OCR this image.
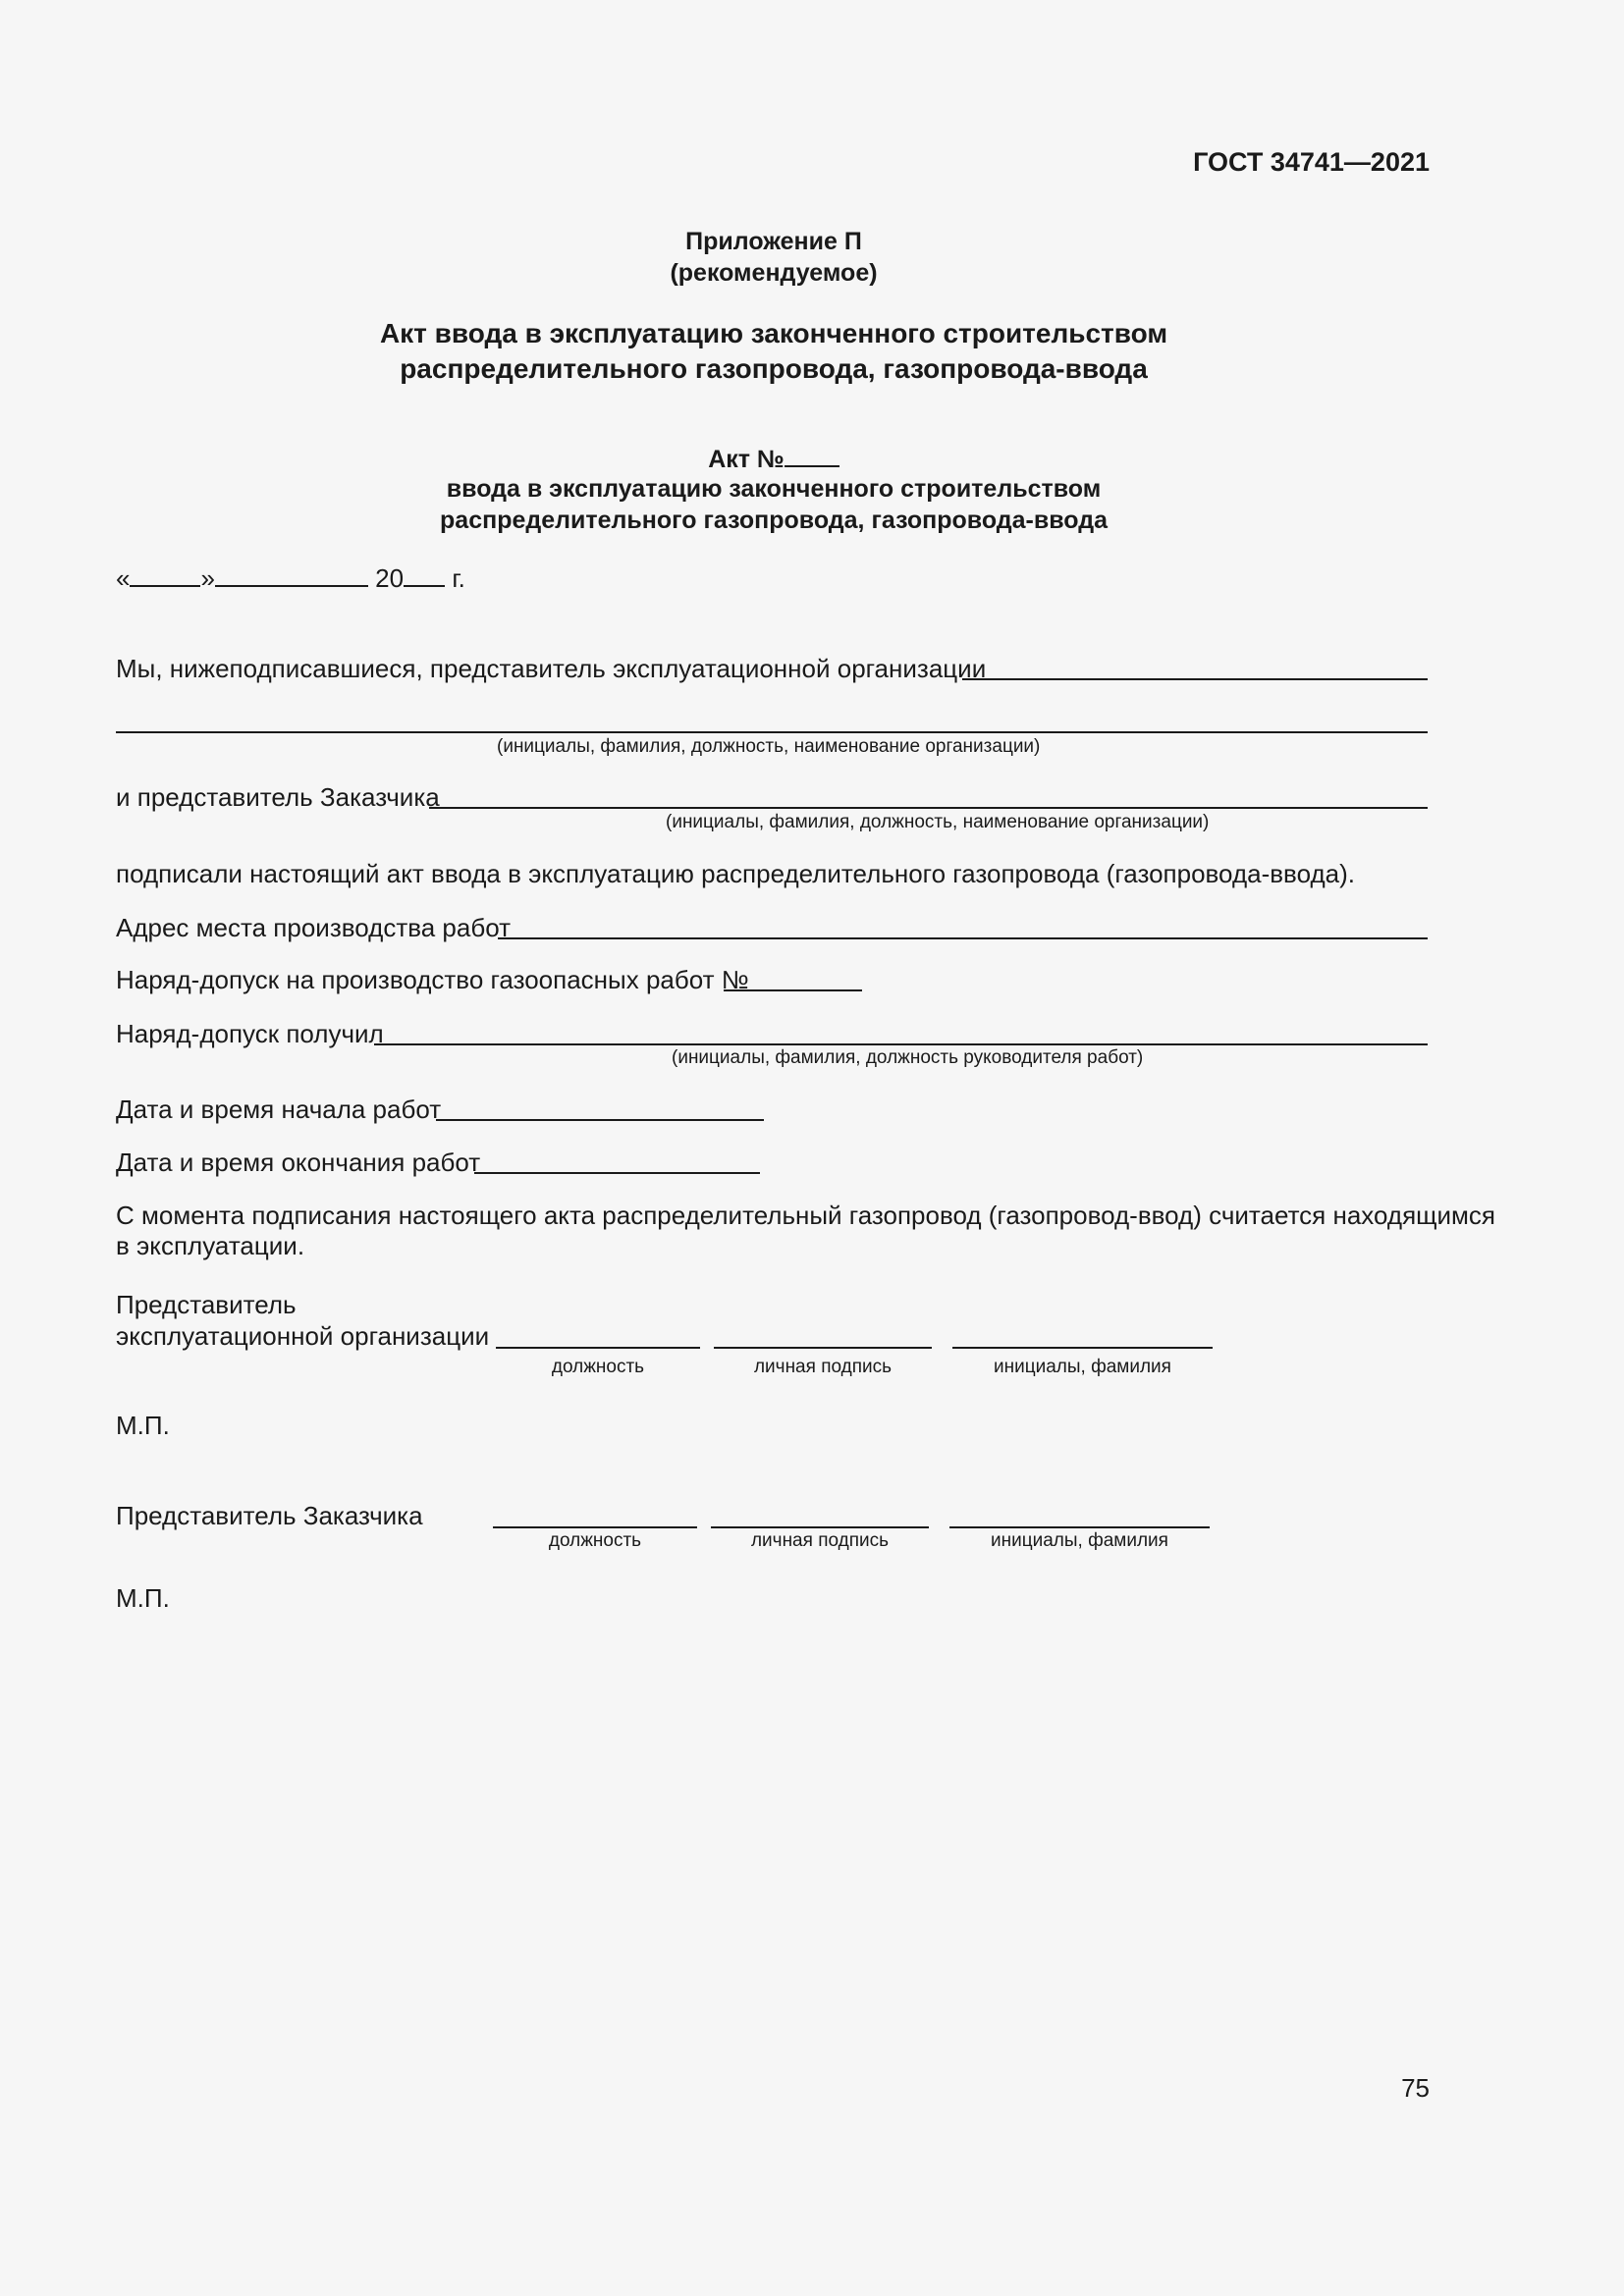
ГОСТ 34741—2021
Приложение П
(рекомендуемое)
Акт ввода в эксплуатацию законченного строительством
распределительного газопровода, газопровода-ввода
Акт №
ввода в эксплуатацию законченного строительством
распределительного газопровода, газопровода-ввода
«	»	20 г.
Мы, нижеподписавшиеся, представитель эксплуатационной организации
(инициалы, фамилия, должность, наименование организации)
и представитель Заказчика
(инициалы, фамилия, должность, наименование организации)
подписали настоящий акт ввода в эксплуатацию распределительного газопровода (газопровода-ввода).
Адрес места производства работ
Наряд-допуск на производство газоопасных работ №
Наряд-допуск получил
(инициалы, фамилия, должность руководителя работ)
Дата и время начала работ
Дата и время окончания работ
С момента подписания настоящего акта распределительный газопровод (газопровод-ввод) считается находящимся
в эксплуатации.
Представитель
эксплуатационной организации
должность	личная подпись	инициалы, фамилия
М.П.
Представитель Заказчика
должность	личная подпись	инициалы, фамилия
М.П.
75
